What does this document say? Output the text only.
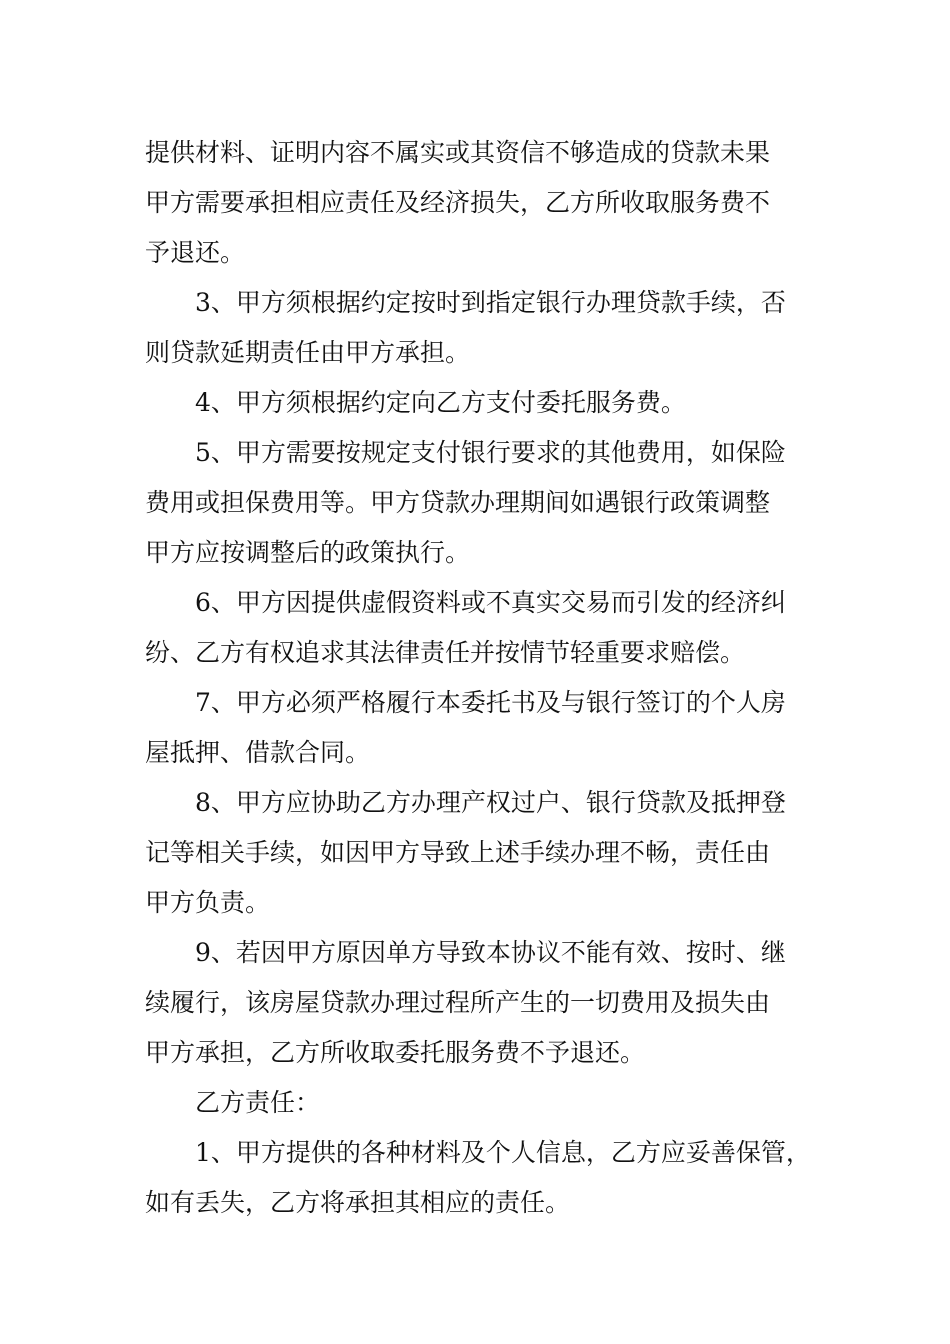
提供材料、证明内容不属实或其资信不够造成的贷款未果
甲方需要承担相应责任及经济损失，乙方所收取服务费不
予退还。
3、甲方须根据约定按时到指定银行办理贷款手续，否
则贷款延期责任由甲方承担。
4、甲方须根据约定向乙方支付委托服务费。
5、甲方需要按规定支付银行要求的其他费用，如保险
费用或担保费用等。甲方贷款办理期间如遇银行政策调整
甲方应按调整后的政策执行。
6、甲方因提供虚假资料或不真实交易而引发的经济纠
纷、乙方有权追求其法律责任并按情节轻重要求赔偿。
7、甲方必须严格履行本委托书及与银行签订的个人房
屋抵押、借款合同。
8、甲方应协助乙方办理产权过户、银行贷款及抵押登
记等相关手续，如因甲方导致上述手续办理不畅，责任由
甲方负责。
9、若因甲方原因单方导致本协议不能有效、按时、继
续履行，该房屋贷款办理过程所产生的一切费用及损失由
甲方承担，乙方所收取委托服务费不予退还。
乙方责任：
1、甲方提供的各种材料及个人信息，乙方应妥善保管，
如有丢失，乙方将承担其相应的责任。
